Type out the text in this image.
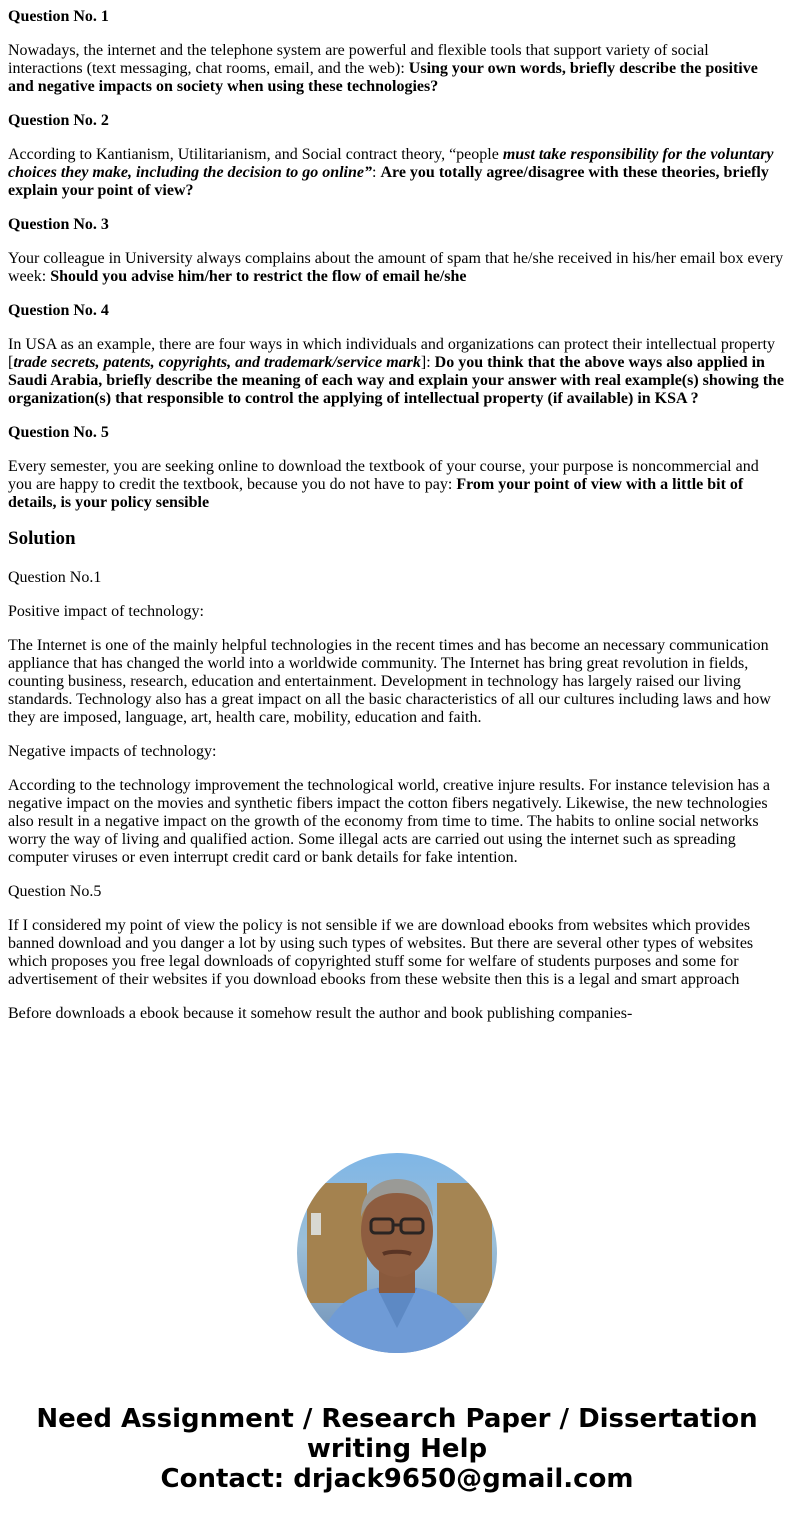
Question No. 1

Nowadays, the internet and the telephone system are powerful and flexible tools that support variety of social interactions (text messaging, chat rooms, email, and the web): Using your own words, briefly describe the positive and negative impacts on society when using these technologies?

Question No. 2

According to Kantianism, Utilitarianism, and Social contract theory, “people must take responsibility for the voluntary choices they make, including the decision to go online”: Are you totally agree/disagree with these theories, briefly explain your point of view?

Question No. 3

Your colleague in University always complains about the amount of spam that he/she received in his/her email box every week: Should you advise him/her to restrict the flow of email he/she

Question No. 4

In USA as an example, there are four ways in which individuals and organizations can protect their intellectual property [trade secrets, patents, copyrights, and trademark/service mark]: Do you think that the above ways also applied in Saudi Arabia, briefly describe the meaning of each way and explain your answer with real example(s) showing the organization(s) that responsible to control the applying of intellectual property (if available) in KSA ?

Question No. 5

Every semester, you are seeking online to download the textbook of your course, your purpose is noncommercial and you are happy to credit the textbook, because you do not have to pay: From your point of view with a little bit of details, is your policy sensible

Solution

Question No.1

Positive impact of technology:

The Internet is one of the mainly helpful technologies in the recent times and has become an necessary communication appliance that has changed the world into a worldwide community. The Internet has bring great revolution in fields, counting business, research, education and entertainment. Development in technology has largely raised our living standards. Technology also has a great impact on all the basic characteristics of all our cultures including laws and how they are imposed, language, art, health care, mobility, education and faith.

Negative impacts of technology:

According to the technology improvement the technological world, creative injure results. For instance television has a negative impact on the movies and synthetic fibers impact the cotton fibers negatively. Likewise, the new technologies also result in a negative impact on the growth of the economy from time to time. The habits to online social networks worry the way of living and qualified action. Some illegal acts are carried out using the internet such as spreading computer viruses or even interrupt credit card or bank details for fake intention.

Question No.5

If I considered my point of view the policy is not sensible if we are download ebooks from websites which provides banned download and you danger a lot by using such types of websites. But there are several other types of websites which proposes you free legal downloads of copyrighted stuff some for welfare of students purposes and some for advertisement of their websites if you download ebooks from these website then this is a legal and smart approach

Before downloads a ebook because it somehow result the author and book publishing companies-

Need Assignment / Research Paper / Dissertation
writing Help
Contact: drjack9650@gmail.com
